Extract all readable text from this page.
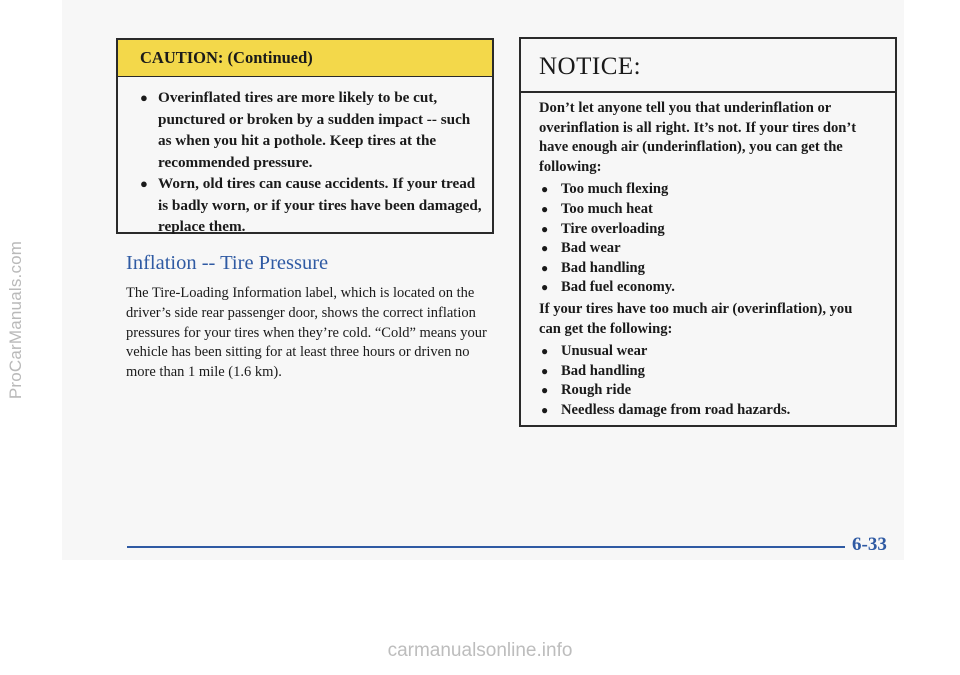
ProCarManuals.com
CAUTION: (Continued)
● Overinflated tires are more likely to be cut, punctured or broken by a sudden impact -- such as when you hit a pothole. Keep tires at the recommended pressure.
● Worn, old tires can cause accidents. If your tread is badly worn, or if your tires have been damaged, replace them.
Inflation -- Tire Pressure

The Tire-Loading Information label, which is located on the driver’s side rear passenger door, shows the correct inflation pressures for your tires when they’re cold. “Cold” means your vehicle has been sitting for at least three hours or driven no more than 1 mile (1.6 km).

NOTICE:

Don’t let anyone tell you that underinflation or overinflation is all right. It’s not. If your tires don’t have enough air (underinflation), you can get the following:

● Too much flexing
● Too much heat
● Tire overloading
● Bad wear
● Bad handling
● Bad fuel economy.

If your tires have too much air (overinflation), you can get the following:

● Unusual wear
● Bad handling
● Rough ride
● Needless damage from road hazards.
6-33
carmanualsonline.info
